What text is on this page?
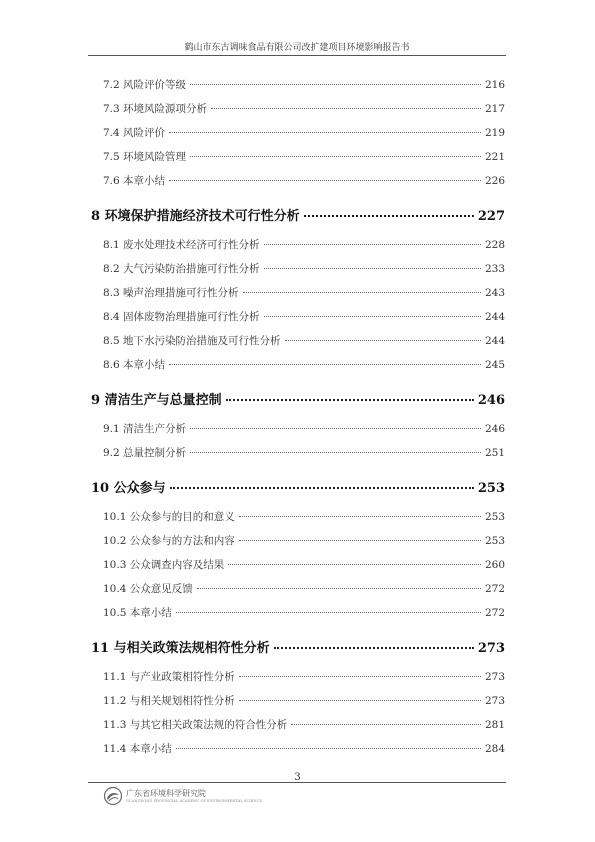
鹤山市东古调味食品有限公司改扩建项目环境影响报告书
7.2 风险评价等级	216
7.3 环境风险源项分析	217
7.4 风险评价	219
7.5 环境风险管理	221
7.6 本章小结	226
8 环境保护措施经济技术可行性分析	227
8.1 废水处理技术经济可行性分析	228
8.2 大气污染防治措施可行性分析	233
8.3 噪声治理措施可行性分析	243
8.4 固体废物治理措施可行性分析	244
8.5 地下水污染防治措施及可行性分析	244
8.6 本章小结	245
9 清洁生产与总量控制	246
9.1 清洁生产分析	246
9.2 总量控制分析	251
10 公众参与	253
10.1 公众参与的目的和意义	253
10.2 公众参与的方法和内容	253
10.3 公众调查内容及结果	260
10.4 公众意见反馈	272
10.5 本章小结	272
11 与相关政策法规相符性分析	273
11.1 与产业政策相符性分析	273
11.2 与相关规划相符性分析	273
11.3 与其它相关政策法规的符合性分析	281
11.4 本章小结	284
3
广东省环境科学研究院
GUANGDONG PROVINCIAL ACADEMY OF ENVIRONMENTAL SCIENCE
